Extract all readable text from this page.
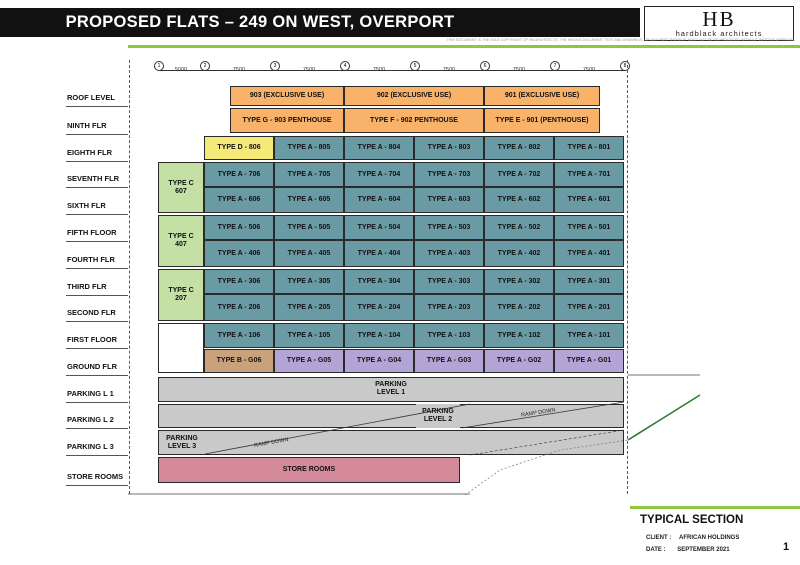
PROPOSED FLATS – 249 ON WEST, OVERPORT	HB
hardblack architects
THIS DOCUMENT IS THE SOLE COPYRIGHT OF HB ARCHITECTS. THE WHOLE DOCUMENT, TEXT AND DRAWINGS, OR ANY PART THEREOF, MUST NOT BE RE-PRODUCED WITHOUT WRITTEN APPROVAL
1	2	3	4	5	6	7	8
5000	7500	7500	7500	7500	7500	7500
ROOF LEVEL
NINTH FLR
EIGHTH FLR
SEVENTH FLR
SIXTH FLR
FIFTH FLOOR
FOURTH FLR
THIRD FLR
SECOND FLR
FIRST FLOOR
GROUND FLR
PARKING L 1
PARKING L 2
PARKING L 3
STORE ROOMS
903 (EXCLUSIVE USE)	902 (EXCLUSIVE USE)	901 (EXCLUSIVE USE)
TYPE G - 903 PENTHOUSE	TYPE F - 902 PENTHOUSE	TYPE E - 901 (PENTHOUSE)
TYPE D - 806	TYPE A - 805	TYPE A - 804	TYPE A - 803	TYPE A - 802	TYPE A - 801
TYPE A - 706	TYPE A - 705	TYPE A - 704	TYPE A - 703	TYPE A - 702	TYPE A - 701
TYPE A - 606	TYPE A - 605	TYPE A - 604	TYPE A - 603	TYPE A - 602	TYPE A - 601
TYPE A - 506	TYPE A - 505	TYPE A - 504	TYPE A - 503	TYPE A - 502	TYPE A - 501
TYPE A - 406	TYPE A - 405	TYPE A - 404	TYPE A - 403	TYPE A - 402	TYPE A - 401
TYPE A - 306	TYPE A - 305	TYPE A - 304	TYPE A - 303	TYPE A - 302	TYPE A - 301
TYPE A - 206	TYPE A - 205	TYPE A - 204	TYPE A - 203	TYPE A - 202	TYPE A - 201
TYPE A - 106	TYPE A - 105	TYPE A - 104	TYPE A - 103	TYPE A - 102	TYPE A - 101
TYPE B - G06	TYPE A - G05	TYPE A - G04	TYPE A - G03	TYPE A - G02	TYPE A - G01
TYPE C
607
TYPE C
407
TYPE C
207
PARKING
LEVEL 1
PARKING
LEVEL 2
PARKING
LEVEL 3	RAMP DOWN
RAMP DOWN
STORE ROOMS
TYPICAL SECTION
CLIENT : AFRICAN HOLDINGS
DATE : SEPTEMBER 2021	1
